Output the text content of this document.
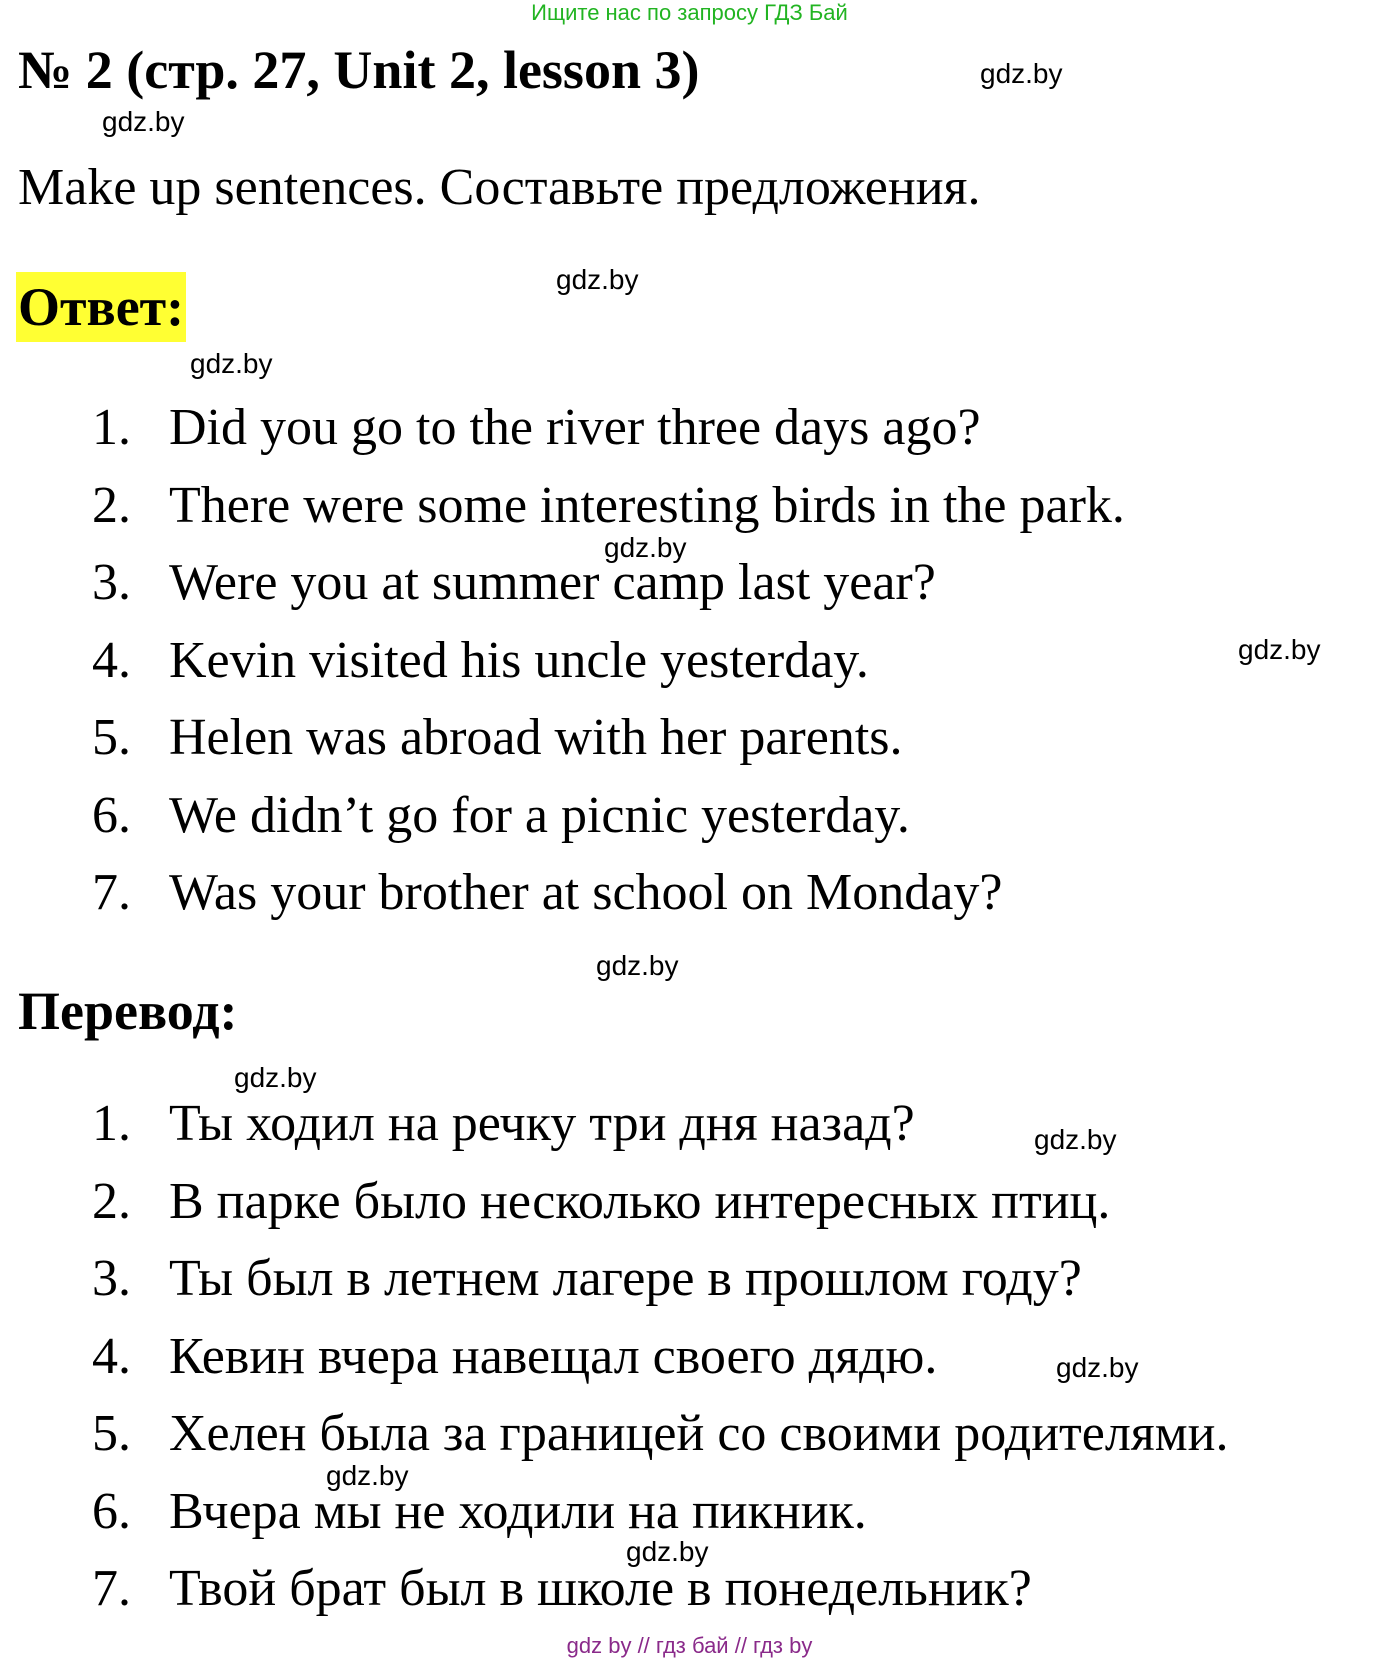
Ищите нас по запросу ГДЗ Бай
№ 2 (стр. 27, Unit 2, lesson 3)
Make up sentences. Составьте предложения.
Ответ:
1. Did you go to the river three days ago?
2. There were some interesting birds in the park.
3. Were you at summer camp last year?
4. Kevin visited his uncle yesterday.
5. Helen was abroad with her parents.
6. We didn’t go for a picnic yesterday.
7. Was your brother at school on Monday?
Перевод:
1. Ты ходил на речку три дня назад?
2. В парке было несколько интересных птиц.
3. Ты был в летнем лагере в прошлом году?
4. Кевин вчера навещал своего дядю.
5. Хелен была за границей со своими родителями.
6. Вчера мы не ходили на пикник.
7. Твой брат был в школе в понедельник?
gdz.by
gdz.by
gdz.by
gdz.by
gdz.by
gdz.by
gdz.by
gdz.by
gdz.by
gdz.by
gdz.by
gdz.by
gdz by // гдз бай // гдз by
